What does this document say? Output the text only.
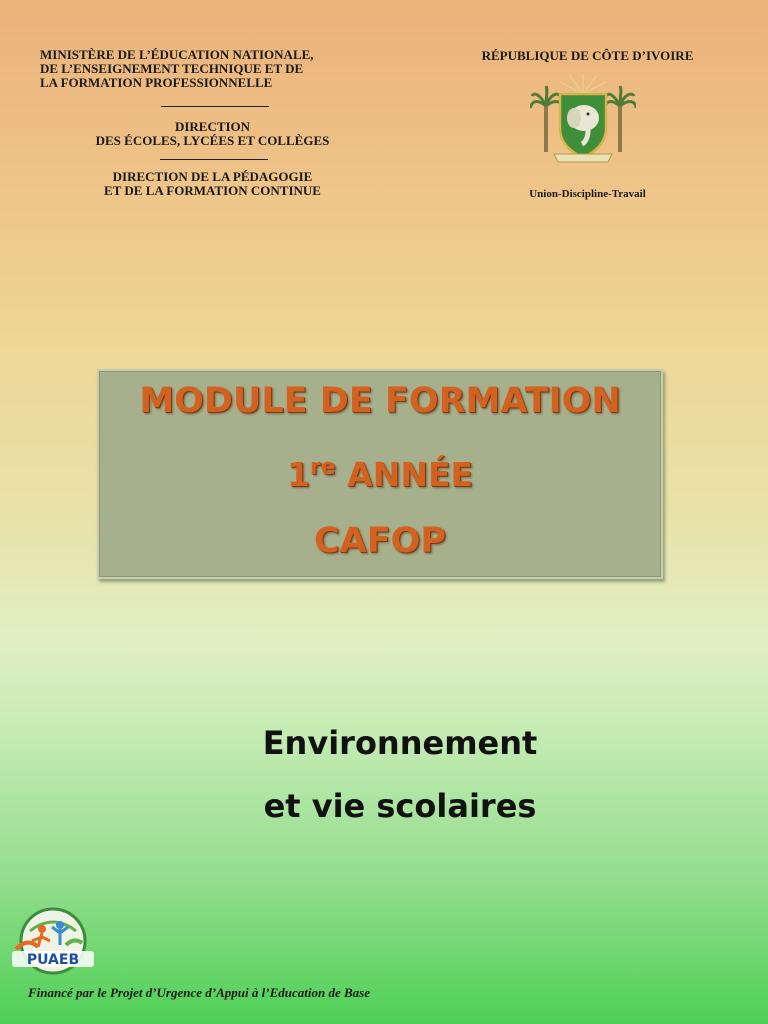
MINISTÈRE DE L’ÉDUCATION NATIONALE,
DE L’ENSEIGNEMENT TECHNIQUE ET DE
LA FORMATION PROFESSIONNELLE
DIRECTION
DES ÉCOLES, LYCÉES ET COLLÈGES
DIRECTION DE LA PÉDAGOGIE
ET DE LA FORMATION CONTINUE
RÉPUBLIQUE DE CÔTE D’IVOIRE
Union-Discipline-Travail
MODULE DE FORMATION
1re ANNÉE
CAFOP
Environnement
et vie scolaires
PUAEB
Financé par le Projet d’Urgence d’Appui à l’Education de Base
